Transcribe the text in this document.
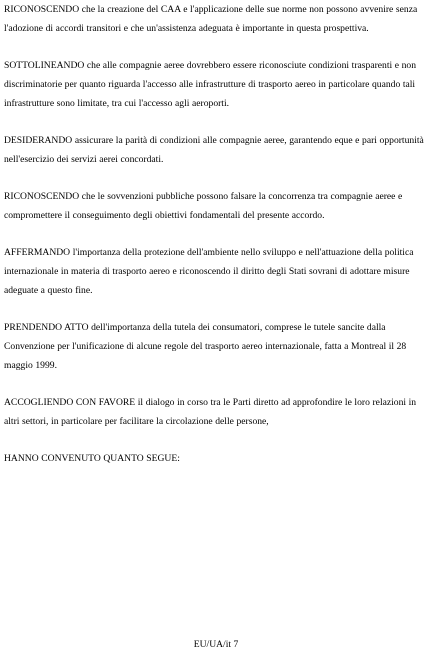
RICONOSCENDO che la creazione del CAA e l'applicazione delle sue norme non possono avvenire senza l'adozione di accordi transitori e che un'assistenza adeguata è importante in questa prospettiva.

SOTTOLINEANDO che alle compagnie aeree dovrebbero essere riconosciute condizioni trasparenti e non discriminatorie per quanto riguarda l'accesso alle infrastrutture di trasporto aereo in particolare quando tali infrastrutture sono limitate, tra cui l'accesso agli aeroporti.

DESIDERANDO assicurare la parità di condizioni alle compagnie aeree, garantendo eque e pari opportunità nell'esercizio dei servizi aerei concordati.

RICONOSCENDO che le sovvenzioni pubbliche possono falsare la concorrenza tra compagnie aeree e compromettere il conseguimento degli obiettivi fondamentali del presente accordo.

AFFERMANDO l'importanza della protezione dell'ambiente nello sviluppo e nell'attuazione della politica internazionale in materia di trasporto aereo e riconoscendo il diritto degli Stati sovrani di adottare misure adeguate a questo fine.

PRENDENDO ATTO dell'importanza della tutela dei consumatori, comprese le tutele sancite dalla Convenzione per l'unificazione di alcune regole del trasporto aereo internazionale, fatta a Montreal il 28 maggio 1999.

ACCOGLIENDO CON FAVORE il dialogo in corso tra le Parti diretto ad approfondire le loro relazioni in altri settori, in particolare per facilitare la circolazione delle persone,

HANNO CONVENUTO QUANTO SEGUE:

EU/UA/it 7
